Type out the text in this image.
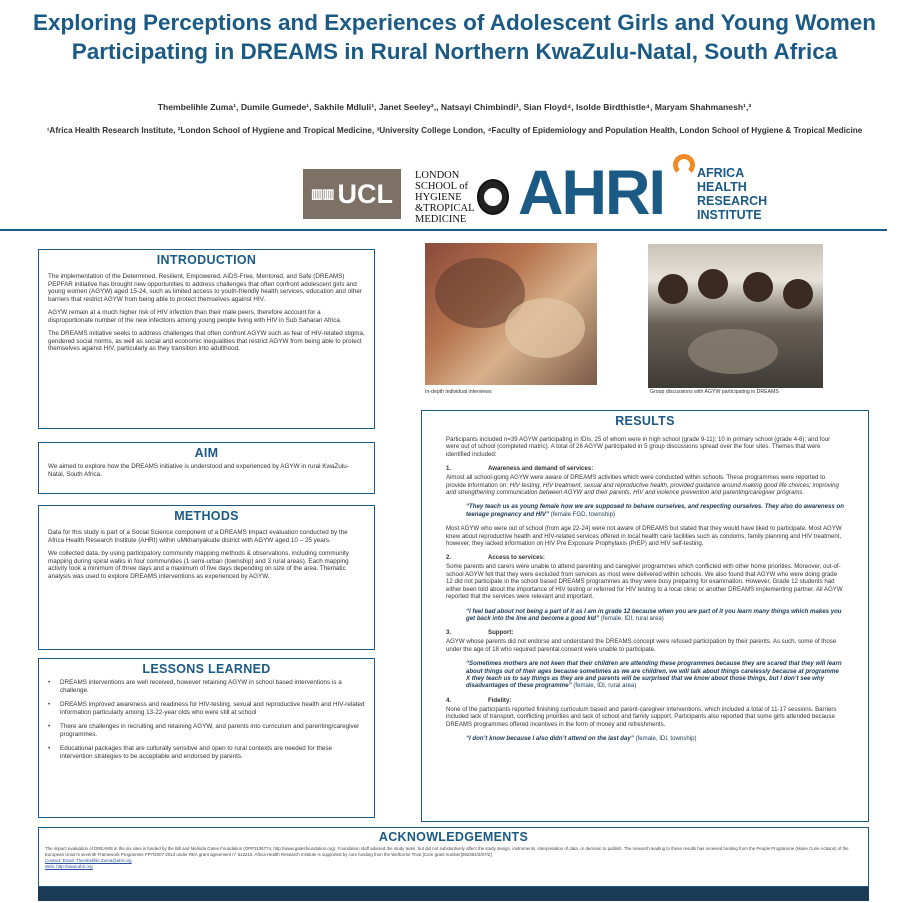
Exploring Perceptions and Experiences of Adolescent Girls and Young Women Participating in DREAMS in Rural Northern KwaZulu-Natal, South Africa
Thembelihle Zuma¹, Dumile Gumede¹, Sakhile Mdluli¹, Janet Seeley²,, Natsayi Chimbindi¹, Sian Floyd⁴, Isolde Birdthistle⁴, Maryam Shahmanesh¹,³
¹Africa Health Research Institute, ²London School of Hygiene and Tropical Medicine, ³University College London, ⁴Faculty of Epidemiology and Population Health, London School of Hygiene & Tropical Medicine
▥▥ UCL
LONDON
SCHOOL of
HYGIENE
&TROPICAL
MEDICINE AHRI	AFRICA
HEALTH
RESEARCH
INSTITUTE
INTRODUCTION

The implementation of the Determined, Resilient, Empowered, AIDS-Free, Mentored, and Safe (DREAMS) PEPFAR initiative has brought new opportunities to address challenges that often confront adolescent girls and young women (AGYW) aged 15-24, such as limited access to youth-friendly health services, education and other barriers that restrict AGYW from being able to protect themselves against HIV.

AGYW remain at a much higher risk of HIV infection than their male peers, therefore account for a disproportionate number of the new infections among young people living with HIV in Sub Saharan Africa.

The DREAMS initiative seeks to address challenges that often confront AGYW such as fear of HIV-related stigma, gendered social norms, as well as social and economic inequalities that restrict AGYW from being able to protect themselves against HIV, particularly as they transition into adulthood.

AIM

We aimed to explore how the DREAMS initiative is understood and experienced by AGYW in rural KwaZulu-Natal, South Africa.

METHODS

Data for this study is part of a Social Science component of a DREAMS Impact evaluation conducted by the Africa Health Research Institute (AHRI) within uMkhanyakude district with AGYW aged 10 – 25 years.

We collected data, by using participatory community mapping methods & observations, including community mapping during spiral walks in four communities (1 semi-urban (township) and 3 rural areas). Each mapping activity took a minimum of three days and a maximum of five days depending on size of the area. Thematic analysis was used to explore DREAMS interventions as experienced by AGYW.

LESSONS LEARNED
• DREAMS interventions are well received, however retaining AGYW in school based interventions is a challenge.
• DREAMS improved awareness and readiness for HIV-testing, sexual and reproductive health and HIV-related information particularly among 13-22-year olds who were still at school
• There are challenges in recruiting and retaining AGYW, and parents into curriculum and parenting/caregiver programmes.
• Educational packages that are culturally sensitive and open to rural contexts are needed for these intervention strategies to be acceptable and endorsed by parents.
In-depth individual interviews	Group discussions with AGYW participating in DREAMS
RESULTS

Participants included n=39 AGYW participating in IDIs, 25 of whom were in high school (grade 9-11); 10 in primary school (grade 4-6); and four were out of school (completed matric). A total of 26 AGYW participated in 5 group discussions spread over the four sites. Themes that were identified included:

1.	Awareness and demand of services:

Almost all school-going AGYW were aware of DREAMS activities which were conducted within schools. These programmes were reported to provide information on: HIV testing, HIV treatment, sexual and reproductive health, provided guidance around making good life choices; improving and strengthening communication between AGYW and their parents, HIV and violence prevention and parenting/caregiver programs.

“They teach us as young female how we are supposed to behave ourselves, and respecting ourselves. They also do awareness on teenage pregnancy and HIV” (female FGD, township)

Most AGYW who were out of school (from age 22-24) were not aware of DREAMS but stated that they would have liked to participate. Most AGYW knew about reproductive health and HIV-related services offered in local health care facilities such as condoms, family planning and HIV treatment, however, they lacked information on HIV Pre Exposure Prophylaxis (PrEP) and HIV self-testing.

2.	Access to services:

Some parents and carers were unable to attend parenting and caregiver programmes which conflicted with other home priorities. Moreover, out-of-school AGYW felt that they were excluded from services as most were delivered within schools. We also found that AGYW who were doing grade 12 did not participate in the school based DREAMS programmes as they were busy preparing for examination. However, Grade 12 students had either been told about the importance of HIV testing or referred for HIV testing to a local clinic or another DREAMS implementing partner. All AGYW reported that the services were relevant and important.

“I feel bad about not being a part of it as I am in grade 12 because when you are part of it you learn many things which makes you get back into the line and become a good kid” (female, IDI, rural area)

3.	Support:

AGYW whose parents did not endorse and understand the DREAMS concept were refused participation by their parents. As such, some of those under the age of 18 who required parental consent were unable to participate.

“Sometimes mothers are not keen that their children are attending these programmes because they are scared that they will learn about things out of their ages because sometimes as we are children, we will talk about things carelessly because at programme X they teach us to say things as they are and parents will be surprised that we know about those things, but I don’t see why disadvantages of these programme” (female, IDI, rural area)

4.	Fidelity:

None of the participants reported finishing curriculum based and parent-caregiver interventions, which included a total of 11-17 sessions. Barriers included lack of transport, conflicting priorities and lack of school and family support. Participants also reported that some girls attended because DREAMS programmes offered incentives in the form of money and refreshments.

“I don’t know because I also didn’t attend on the last day” (female, IDI, township)

ACKNOWLEDGEMENTS

The impact evaluation of DREAMS in the six sites is funded by the Bill and Melinda Gates Foundation (OPP1136774, http://www.gatesfoundation.org). Foundation staff advised the study team, but did not substantively affect the study design, instruments, interpretation of data, or decision to publish. The research leading to these results has received funding from the People Programme (Marie Curie Actions) of the European Union's seventh Framework Programme FP7/2007-2013 under REA grant agreement n° 612216. Africa Health Research Institute is supported by core funding from the Wellcome Trust [Core grant number[082384/Z/07/Z]

Contact: Email: Thembelihle.Zuma@ahri.org

Web: http://www.ahri.org
